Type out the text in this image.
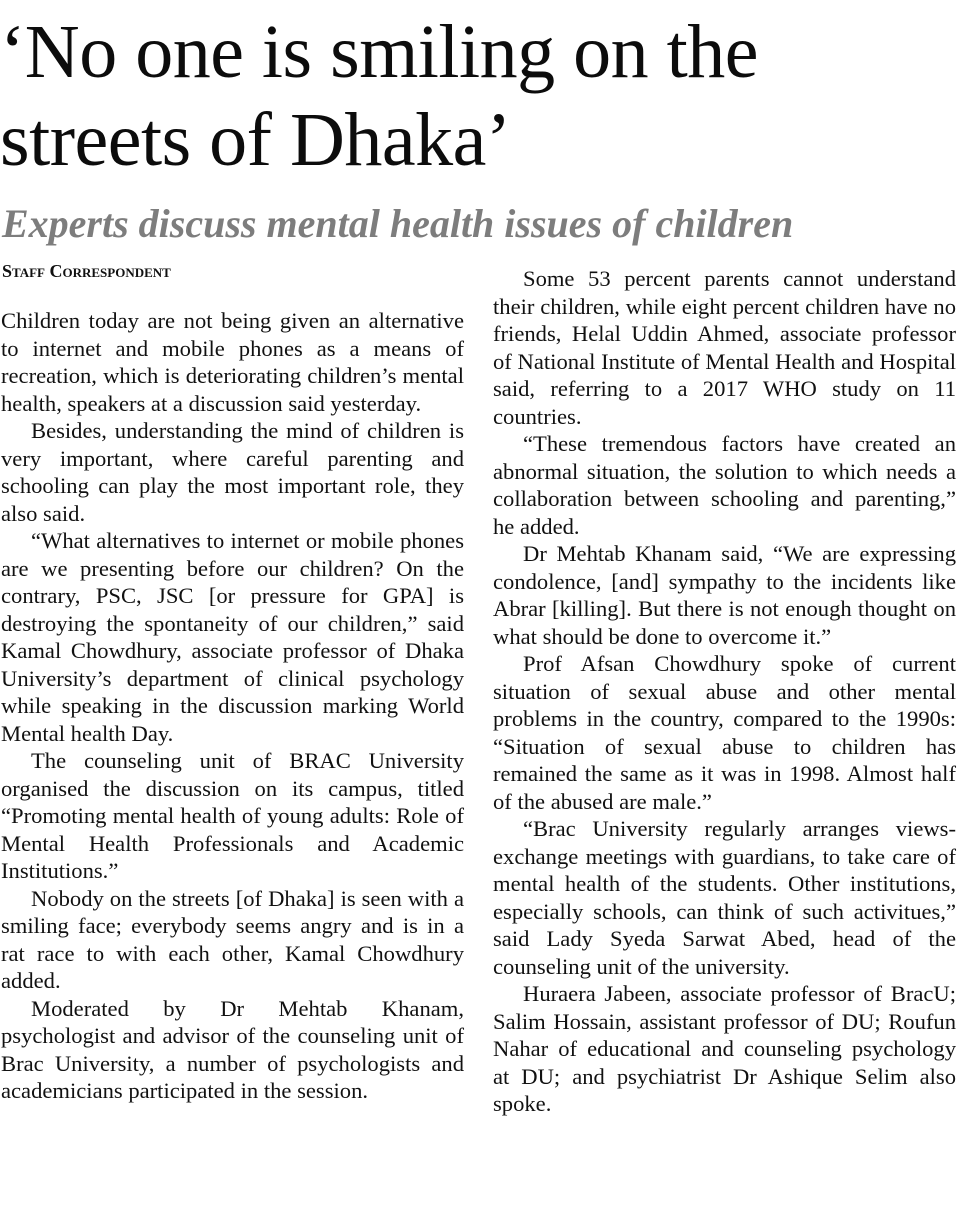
‘No one is smiling on the streets of Dhaka’
Experts discuss mental health issues of children
Staff Correspondent

Children today are not being given an alternative to internet and mobile phones as a means of recreation, which is deteriorating children’s mental health, speakers at a discussion said yesterday.

Besides, understanding the mind of children is very important, where careful parenting and schooling can play the most important role, they also said.

“What alternatives to internet or mobile phones are we presenting before our children? On the contrary, PSC, JSC [or pressure for GPA] is destroying the spontaneity of our children,” said Kamal Chowdhury, associate professor of Dhaka University’s department of clinical psychology while speaking in the discussion marking World Mental health Day.

The counseling unit of BRAC University organised the discussion on its campus, titled “Promoting mental health of young adults: Role of Mental Health Professionals and Academic Institutions.”

Nobody on the streets [of Dhaka] is seen with a smiling face; everybody seems angry and is in a rat race to with each other, Kamal Chowdhury added.

Moderated by Dr Mehtab Khanam, psychologist and advisor of the counseling unit of Brac University, a number of psychologists and academicians participated in the session.

Some 53 percent parents cannot understand their children, while eight percent children have no friends, Helal Uddin Ahmed, associate professor of National Institute of Mental Health and Hospital said, referring to a 2017 WHO study on 11 countries.

“These tremendous factors have created an abnormal situation, the solution to which needs a collaboration between schooling and parenting,” he added.

Dr Mehtab Khanam said, “We are expressing condolence, [and] sympathy to the incidents like Abrar [killing]. But there is not enough thought on what should be done to overcome it.”

Prof Afsan Chowdhury spoke of current situation of sexual abuse and other mental problems in the country, compared to the 1990s: “Situation of sexual abuse to children has remained the same as it was in 1998. Almost half of the abused are male.”

“Brac University regularly arranges views-exchange meetings with guardians, to take care of mental health of the students. Other institutions, especially schools, can think of such activitues,” said Lady Syeda Sarwat Abed, head of the counseling unit of the university.

Huraera Jabeen, associate professor of BracU; Salim Hossain, assistant professor of DU; Roufun Nahar of educational and counseling psychology at DU; and psychiatrist Dr Ashique Selim also spoke.
